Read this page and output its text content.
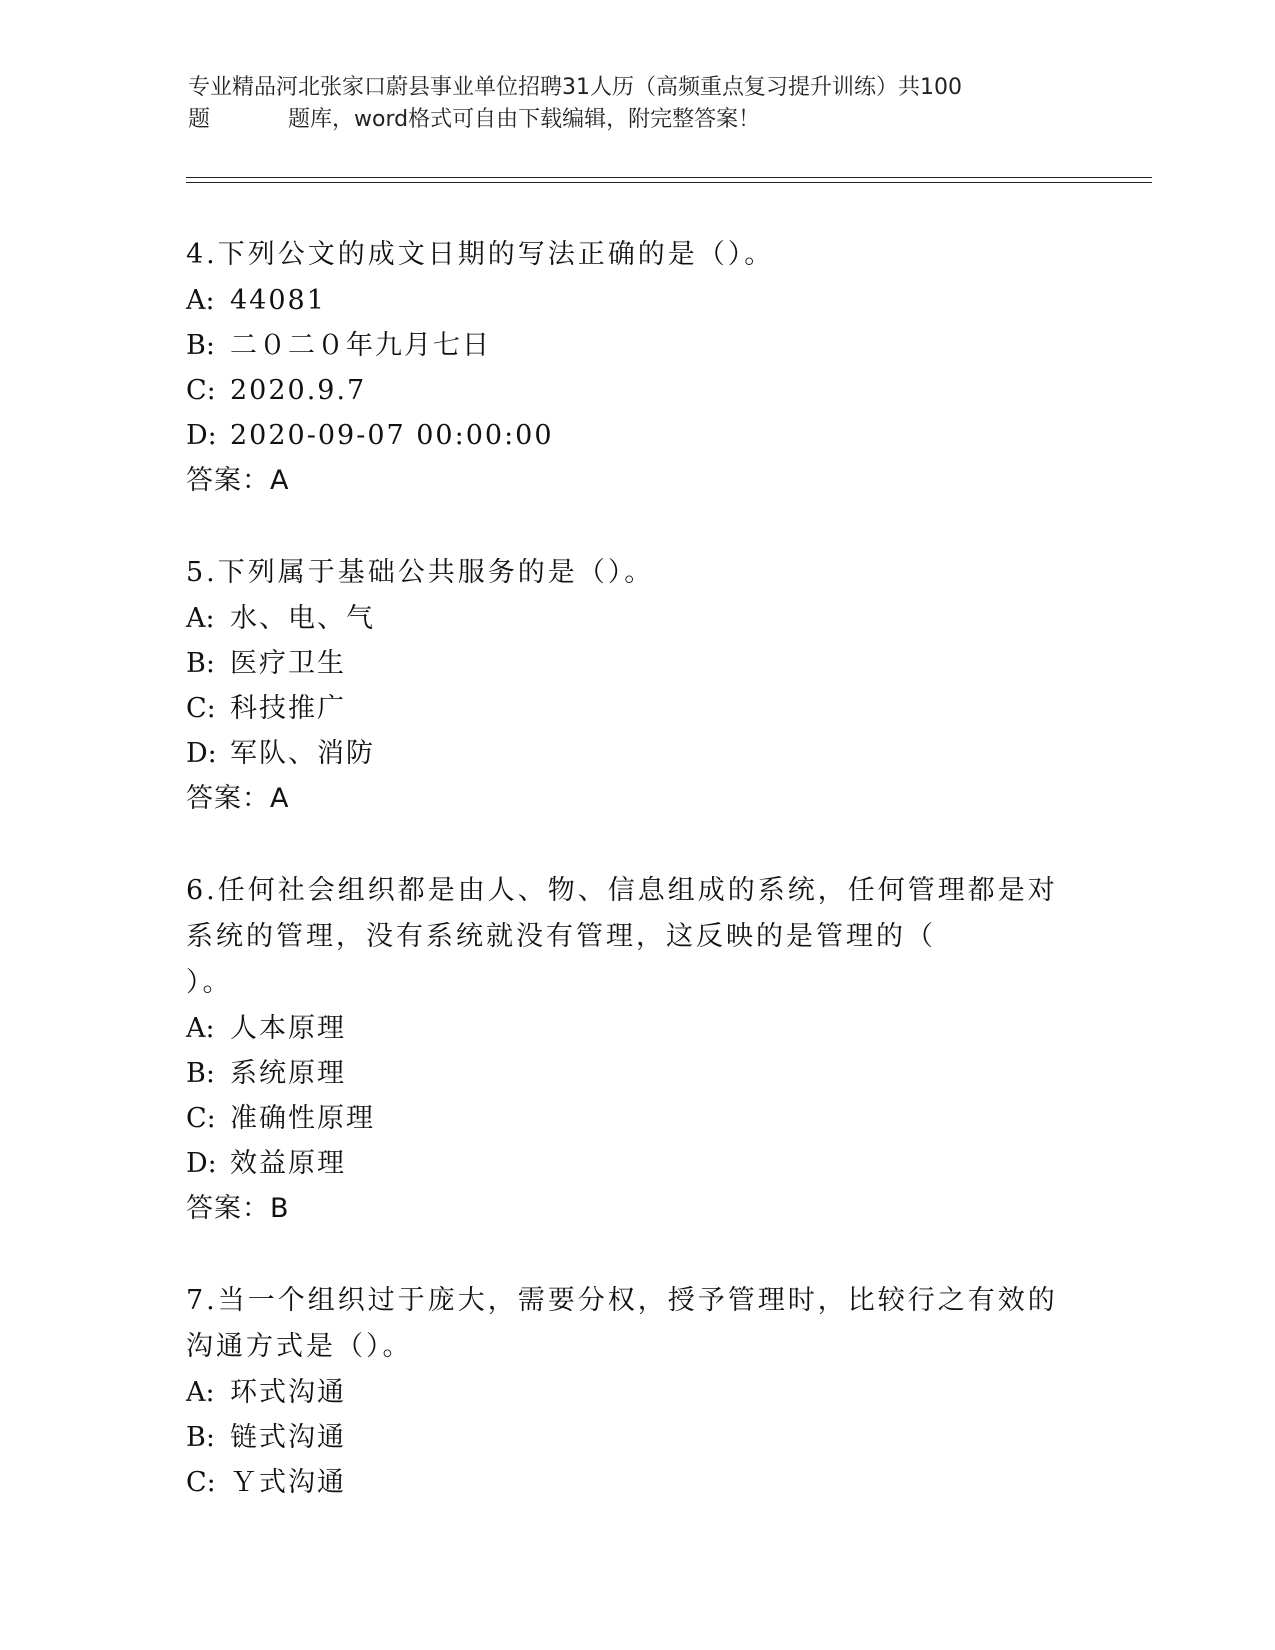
专业精品河北张家口蔚县事业单位招聘31人历（高频重点复习提升训练）共100
题	题库，word格式可自由下载编辑，附完整答案！
4.下列公文的成文日期的写法正确的是（）。
A: 44081
B: 二０二０年九月七日
C: 2020.9.7
D: 2020-09-07 00:00:00
答案： A
5.下列属于基础公共服务的是（）。
A: 水、电、气
B: 医疗卫生
C: 科技推广
D: 军队、消防
答案： A
6.任何社会组织都是由人、物、信息组成的系统，任何管理都是对系统的管理，没有系统就没有管理，这反映的是管理的（）。
A: 人本原理
B: 系统原理
C: 准确性原理
D: 效益原理
答案： B
7.当一个组织过于庞大，需要分权，授予管理时，比较行之有效的沟通方式是（）。
A: 环式沟通
B: 链式沟通
C: Ｙ式沟通
